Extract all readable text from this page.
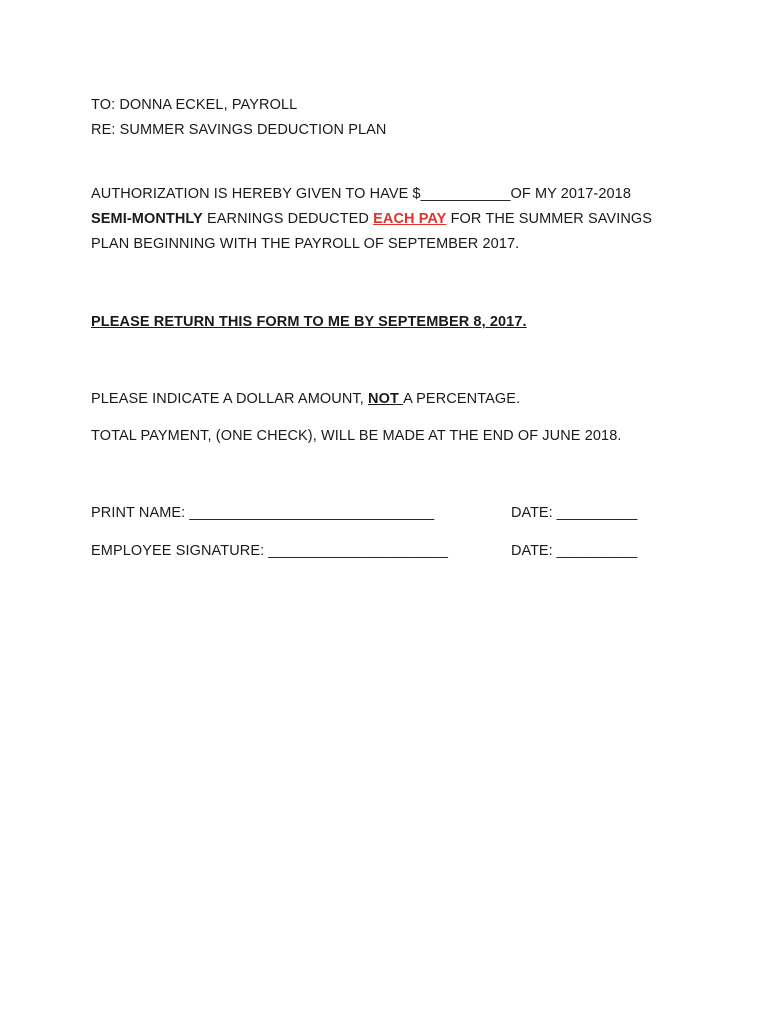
TO: DONNA ECKEL, PAYROLL
RE: SUMMER SAVINGS DEDUCTION PLAN
AUTHORIZATION IS HEREBY GIVEN TO HAVE $___________OF MY 2017-2018
SEMI-MONTHLY EARNINGS DEDUCTED EACH PAY FOR THE SUMMER SAVINGS
PLAN BEGINNING WITH THE PAYROLL OF SEPTEMBER 2017.
PLEASE RETURN THIS FORM TO ME BY SEPTEMBER 8, 2017.
PLEASE INDICATE A DOLLAR AMOUNT, NOT A PERCENTAGE.
TOTAL PAYMENT, (ONE CHECK), WILL BE MADE AT THE END OF JUNE 2018.
PRINT NAME: ______________________________	DATE: __________
EMPLOYEE SIGNATURE: ______________________	DATE: __________
